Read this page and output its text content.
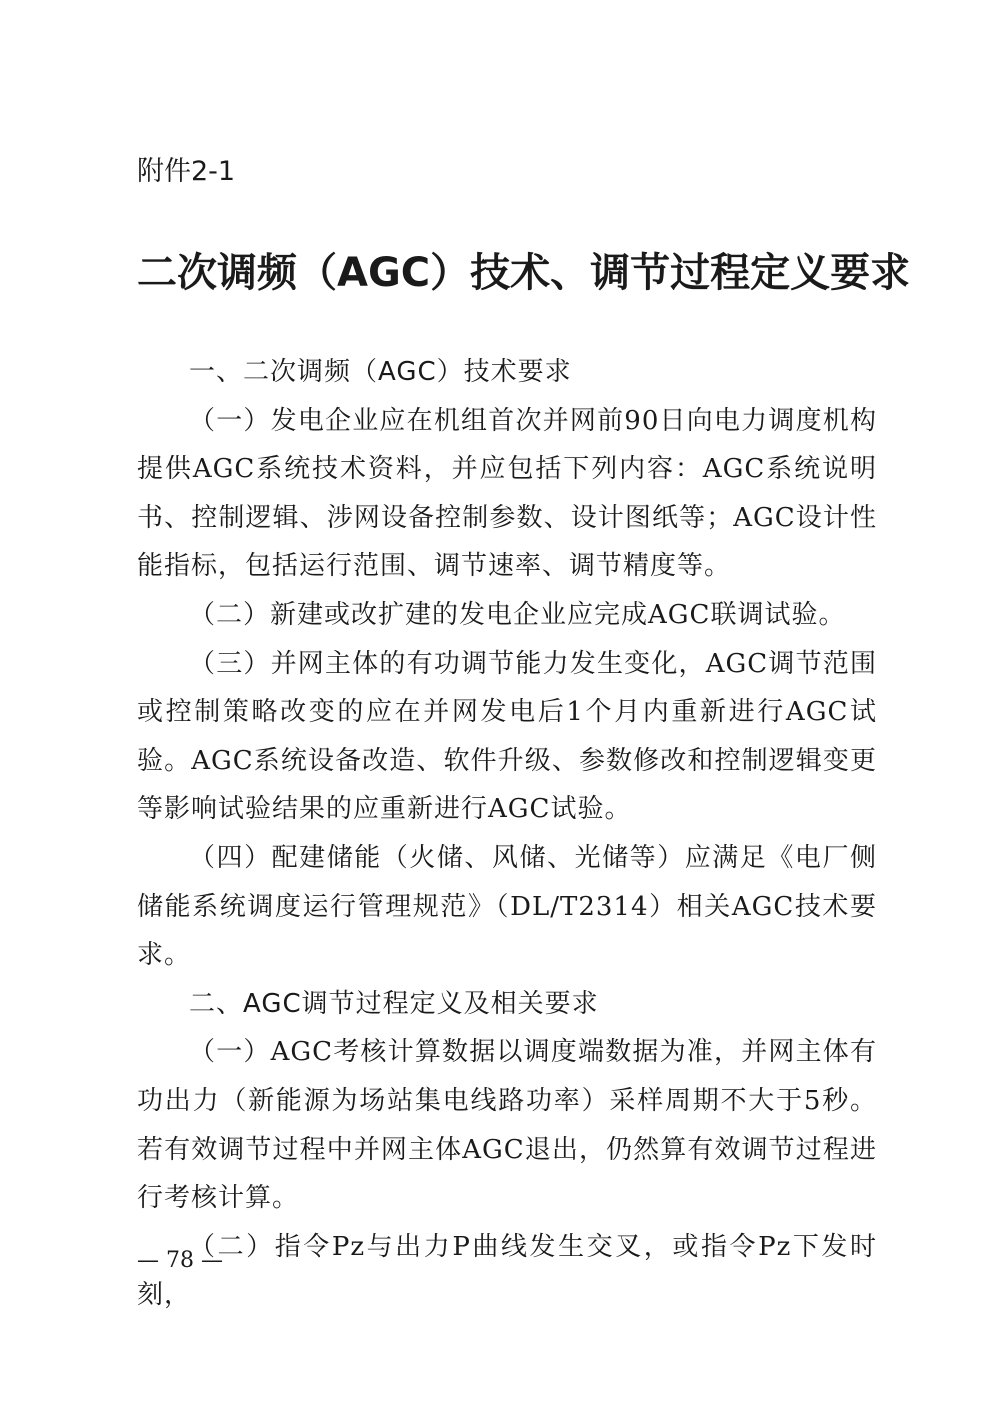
附件2-1

二次调频（AGC）技术、调节过程定义要求

一、二次调频（AGC）技术要求

（一）发电企业应在机组首次并网前90日向电力调度机构提供AGC系统技术资料，并应包括下列内容：AGC系统说明书、控制逻辑、涉网设备控制参数、设计图纸等；AGC设计性能指标，包括运行范围、调节速率、调节精度等。

（二）新建或改扩建的发电企业应完成AGC联调试验。

（三）并网主体的有功调节能力发生变化，AGC调节范围或控制策略改变的应在并网发电后1个月内重新进行AGC试验。AGC系统设备改造、软件升级、参数修改和控制逻辑变更等影响试验结果的应重新进行AGC试验。

（四）配建储能（火储、风储、光储等）应满足《电厂侧储能系统调度运行管理规范》（DL/T2314）相关AGC技术要求。

二、AGC调节过程定义及相关要求

（一）AGC考核计算数据以调度端数据为准，并网主体有功出力（新能源为场站集电线路功率）采样周期不大于5秒。若有效调节过程中并网主体AGC退出，仍然算有效调节过程进行考核计算。

（二）指令Pz与出力P曲线发生交叉，或指令Pz下发时刻，

— 78 —
